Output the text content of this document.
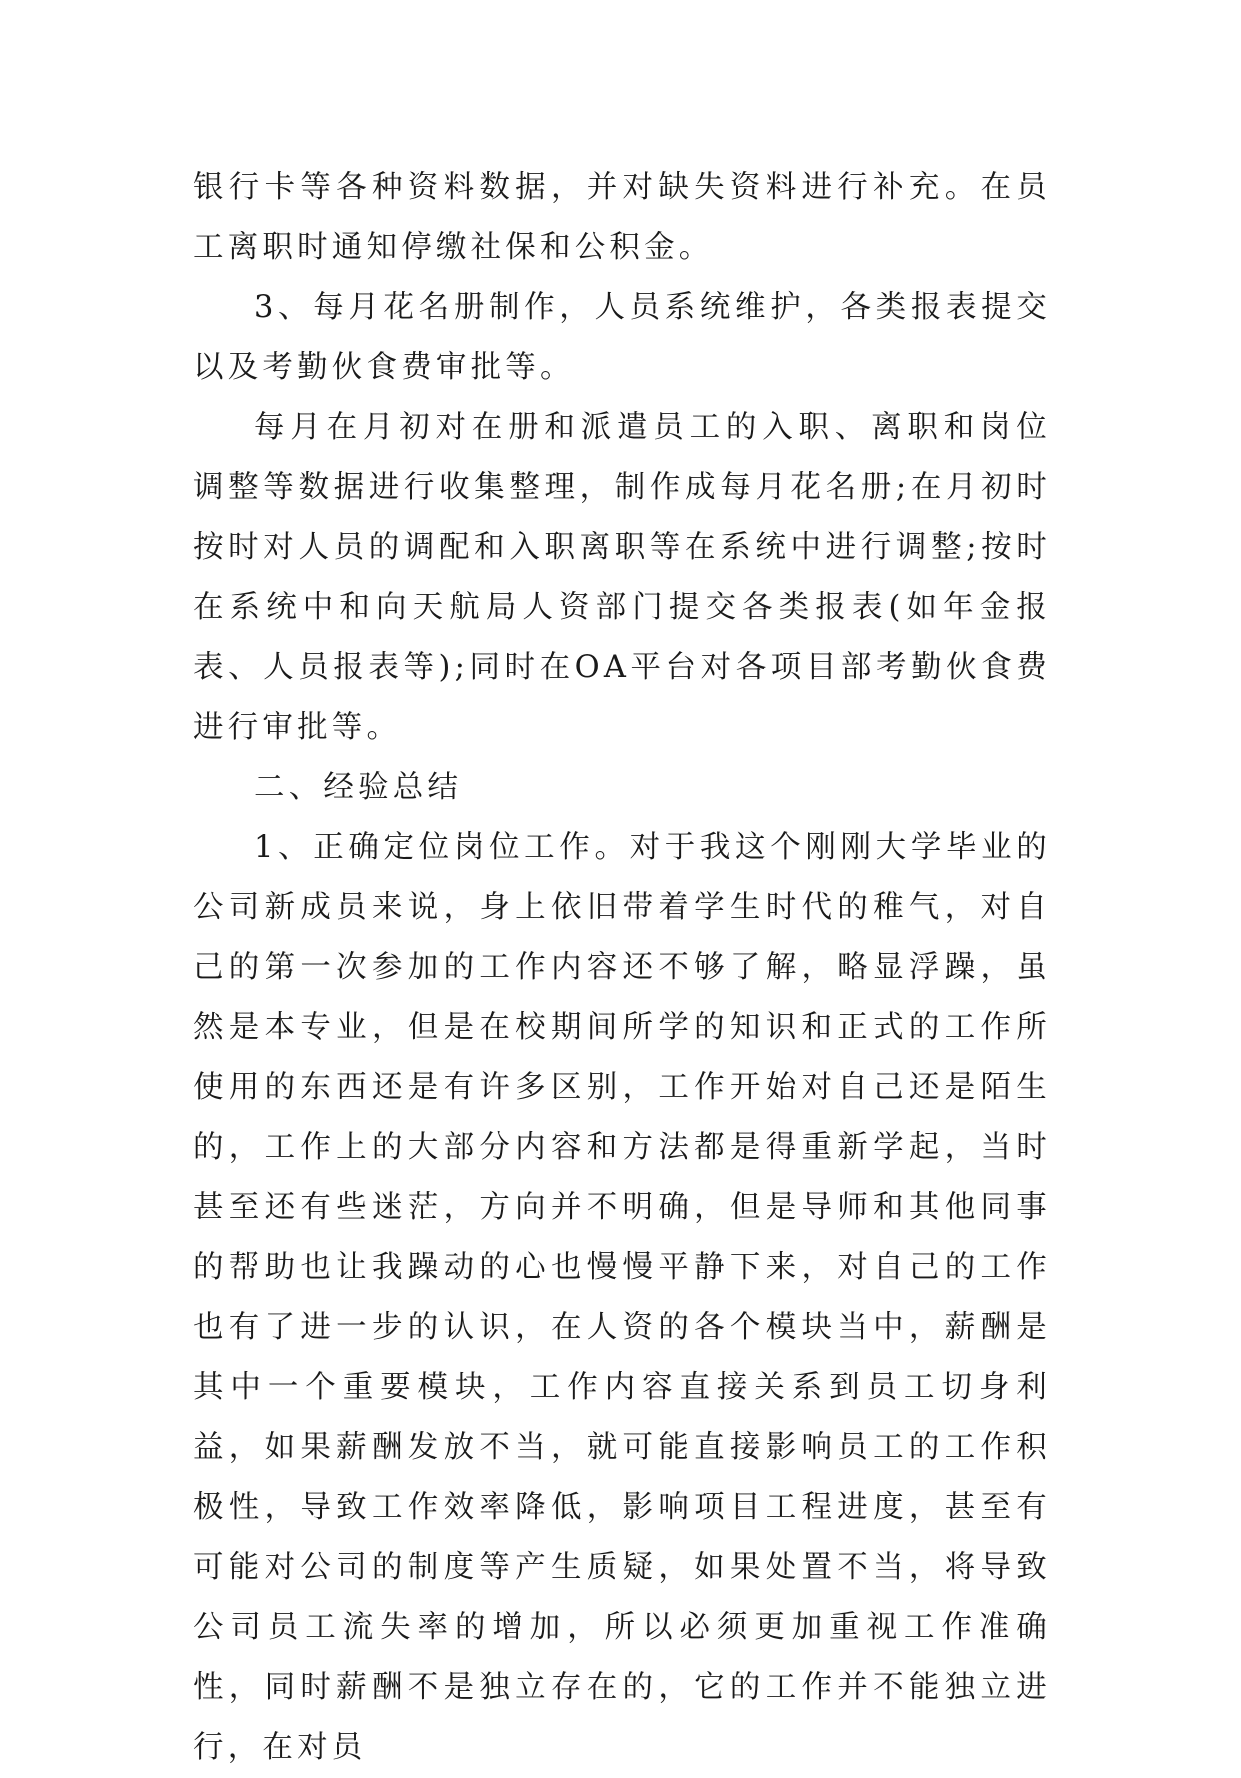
银行卡等各种资料数据，并对缺失资料进行补充。在员工离职时通知停缴社保和公积金。

3、每月花名册制作，人员系统维护，各类报表提交以及考勤伙食费审批等。

每月在月初对在册和派遣员工的入职、离职和岗位调整等数据进行收集整理，制作成每月花名册;在月初时按时对人员的调配和入职离职等在系统中进行调整;按时在系统中和向天航局人资部门提交各类报表(如年金报表、人员报表等);同时在OA平台对各项目部考勤伙食费进行审批等。

二、经验总结

1、正确定位岗位工作。对于我这个刚刚大学毕业的公司新成员来说，身上依旧带着学生时代的稚气，对自己的第一次参加的工作内容还不够了解，略显浮躁，虽然是本专业，但是在校期间所学的知识和正式的工作所使用的东西还是有许多区别，工作开始对自己还是陌生的，工作上的大部分内容和方法都是得重新学起，当时甚至还有些迷茫，方向并不明确，但是导师和其他同事的帮助也让我躁动的心也慢慢平静下来，对自己的工作也有了进一步的认识，在人资的各个模块当中，薪酬是其中一个重要模块，工作内容直接关系到员工切身利益，如果薪酬发放不当，就可能直接影响员工的工作积极性，导致工作效率降低，影响项目工程进度，甚至有可能对公司的制度等产生质疑，如果处置不当，将导致公司员工流失率的增加，所以必须更加重视工作准确性，同时薪酬不是独立存在的，它的工作并不能独立进行，在对员
